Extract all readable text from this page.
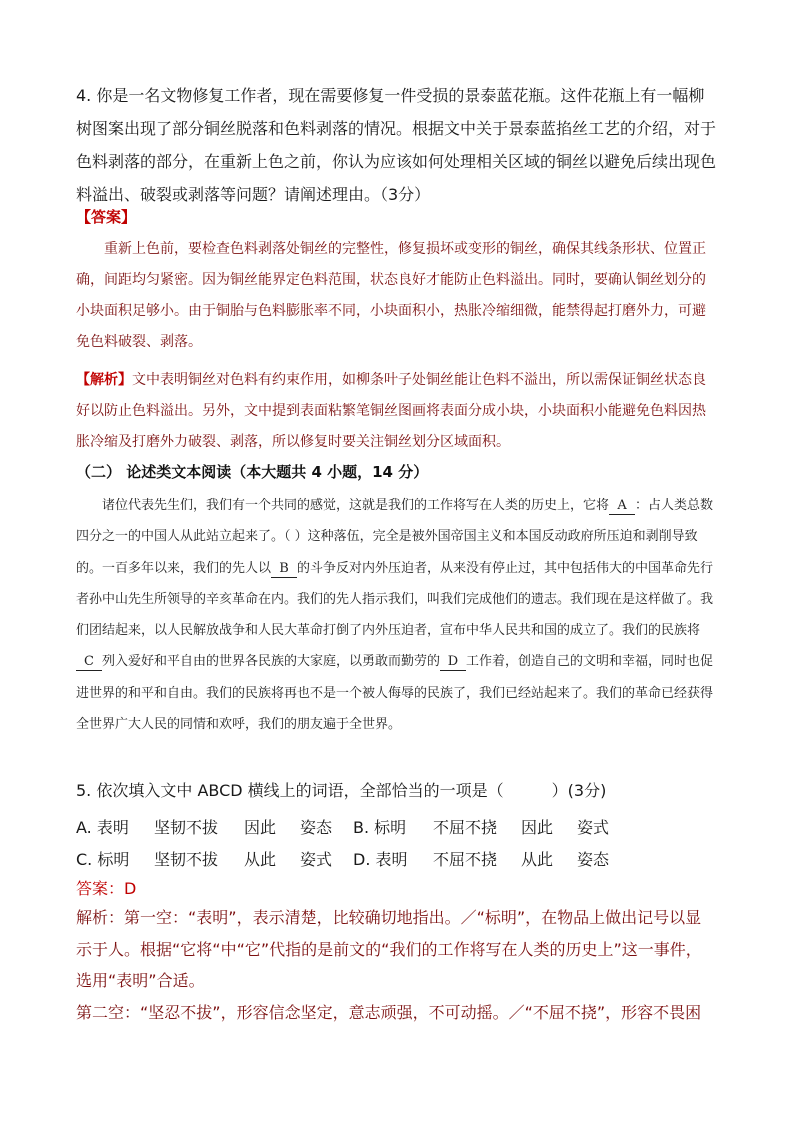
4. 你是一名文物修复工作者，现在需要修复一件受损的景泰蓝花瓶。这件花瓶上有一幅柳树图案出现了部分铜丝脱落和色料剥落的情况。根据文中关于景泰蓝掐丝工艺的介绍，对于色料剥落的部分，在重新上色之前，你认为应该如何处理相关区域的铜丝以避免后续出现色料溢出、破裂或剥落等问题？请阐述理由。（3分）
【答案】
重新上色前，要检查色料剥落处铜丝的完整性，修复损坏或变形的铜丝，确保其线条形状、位置正确，间距均匀紧密。因为铜丝能界定色料范围，状态良好才能防止色料溢出。同时，要确认铜丝划分的小块面积足够小。由于铜胎与色料膨胀率不同，小块面积小，热胀冷缩细微，能禁得起打磨外力，可避免色料破裂、剥落。
【解析】文中表明铜丝对色料有约束作用，如柳条叶子处铜丝能让色料不溢出，所以需保证铜丝状态良好以防止色料溢出。另外，文中提到表面粘繁笔铜丝图画将表面分成小块，小块面积小能避免色料因热胀冷缩及打磨外力破裂、剥落，所以修复时要关注铜丝划分区域面积。
（二） 论述类文本阅读（本大题共 4 小题，14 分）
诸位代表先生们，我们有一个共同的感觉，这就是我们的工作将写在人类的历史上，它将 A ：占人类总数四分之一的中国人从此站立起来了。（ ）这种落伍，完全是被外国帝国主义和本国反动政府所压迫和剥削导致的。一百多年以来，我们的先人以 B 的斗争反对内外压迫者，从来没有停止过，其中包括伟大的中国革命先行者孙中山先生所领导的辛亥革命在内。我们的先人指示我们，叫我们完成他们的遗志。我们现在是这样做了。我们团结起来，以人民解放战争和人民大革命打倒了内外压迫者，宣布中华人民共和国的成立了。我们的民族将C 列入爱好和平自由的世界各民族的大家庭，以勇敢而勤劳的 D 工作着，创造自己的文明和幸福，同时也促进世界的和平和自由。我们的民族将再也不是一个被人侮辱的民族了，我们已经站起来了。我们的革命已经获得全世界广大人民的同情和欢呼，我们的朋友遍于全世界。
5. 依次填入文中 ABCD 横线上的词语，全部恰当的一项是（　　　）(3分)
A. 表明	坚韧不拔	因此	姿态	B. 标明	不屈不挠	因此	姿式
C. 标明	坚韧不拔	从此	姿式	D. 表明	不屈不挠	从此	姿态
答案：D
解析：第一空：“表明”，表示清楚，比较确切地指出。／“标明”，在物品上做出记号以显示于人。根据“它将“中“它”代指的是前文的“我们的工作将写在人类的历史上”这一事件，选用“表明”合适。
第二空：“坚忍不拔”，形容信念坚定，意志顽强，不可动摇。／“不屈不挠”，形容不畏困
